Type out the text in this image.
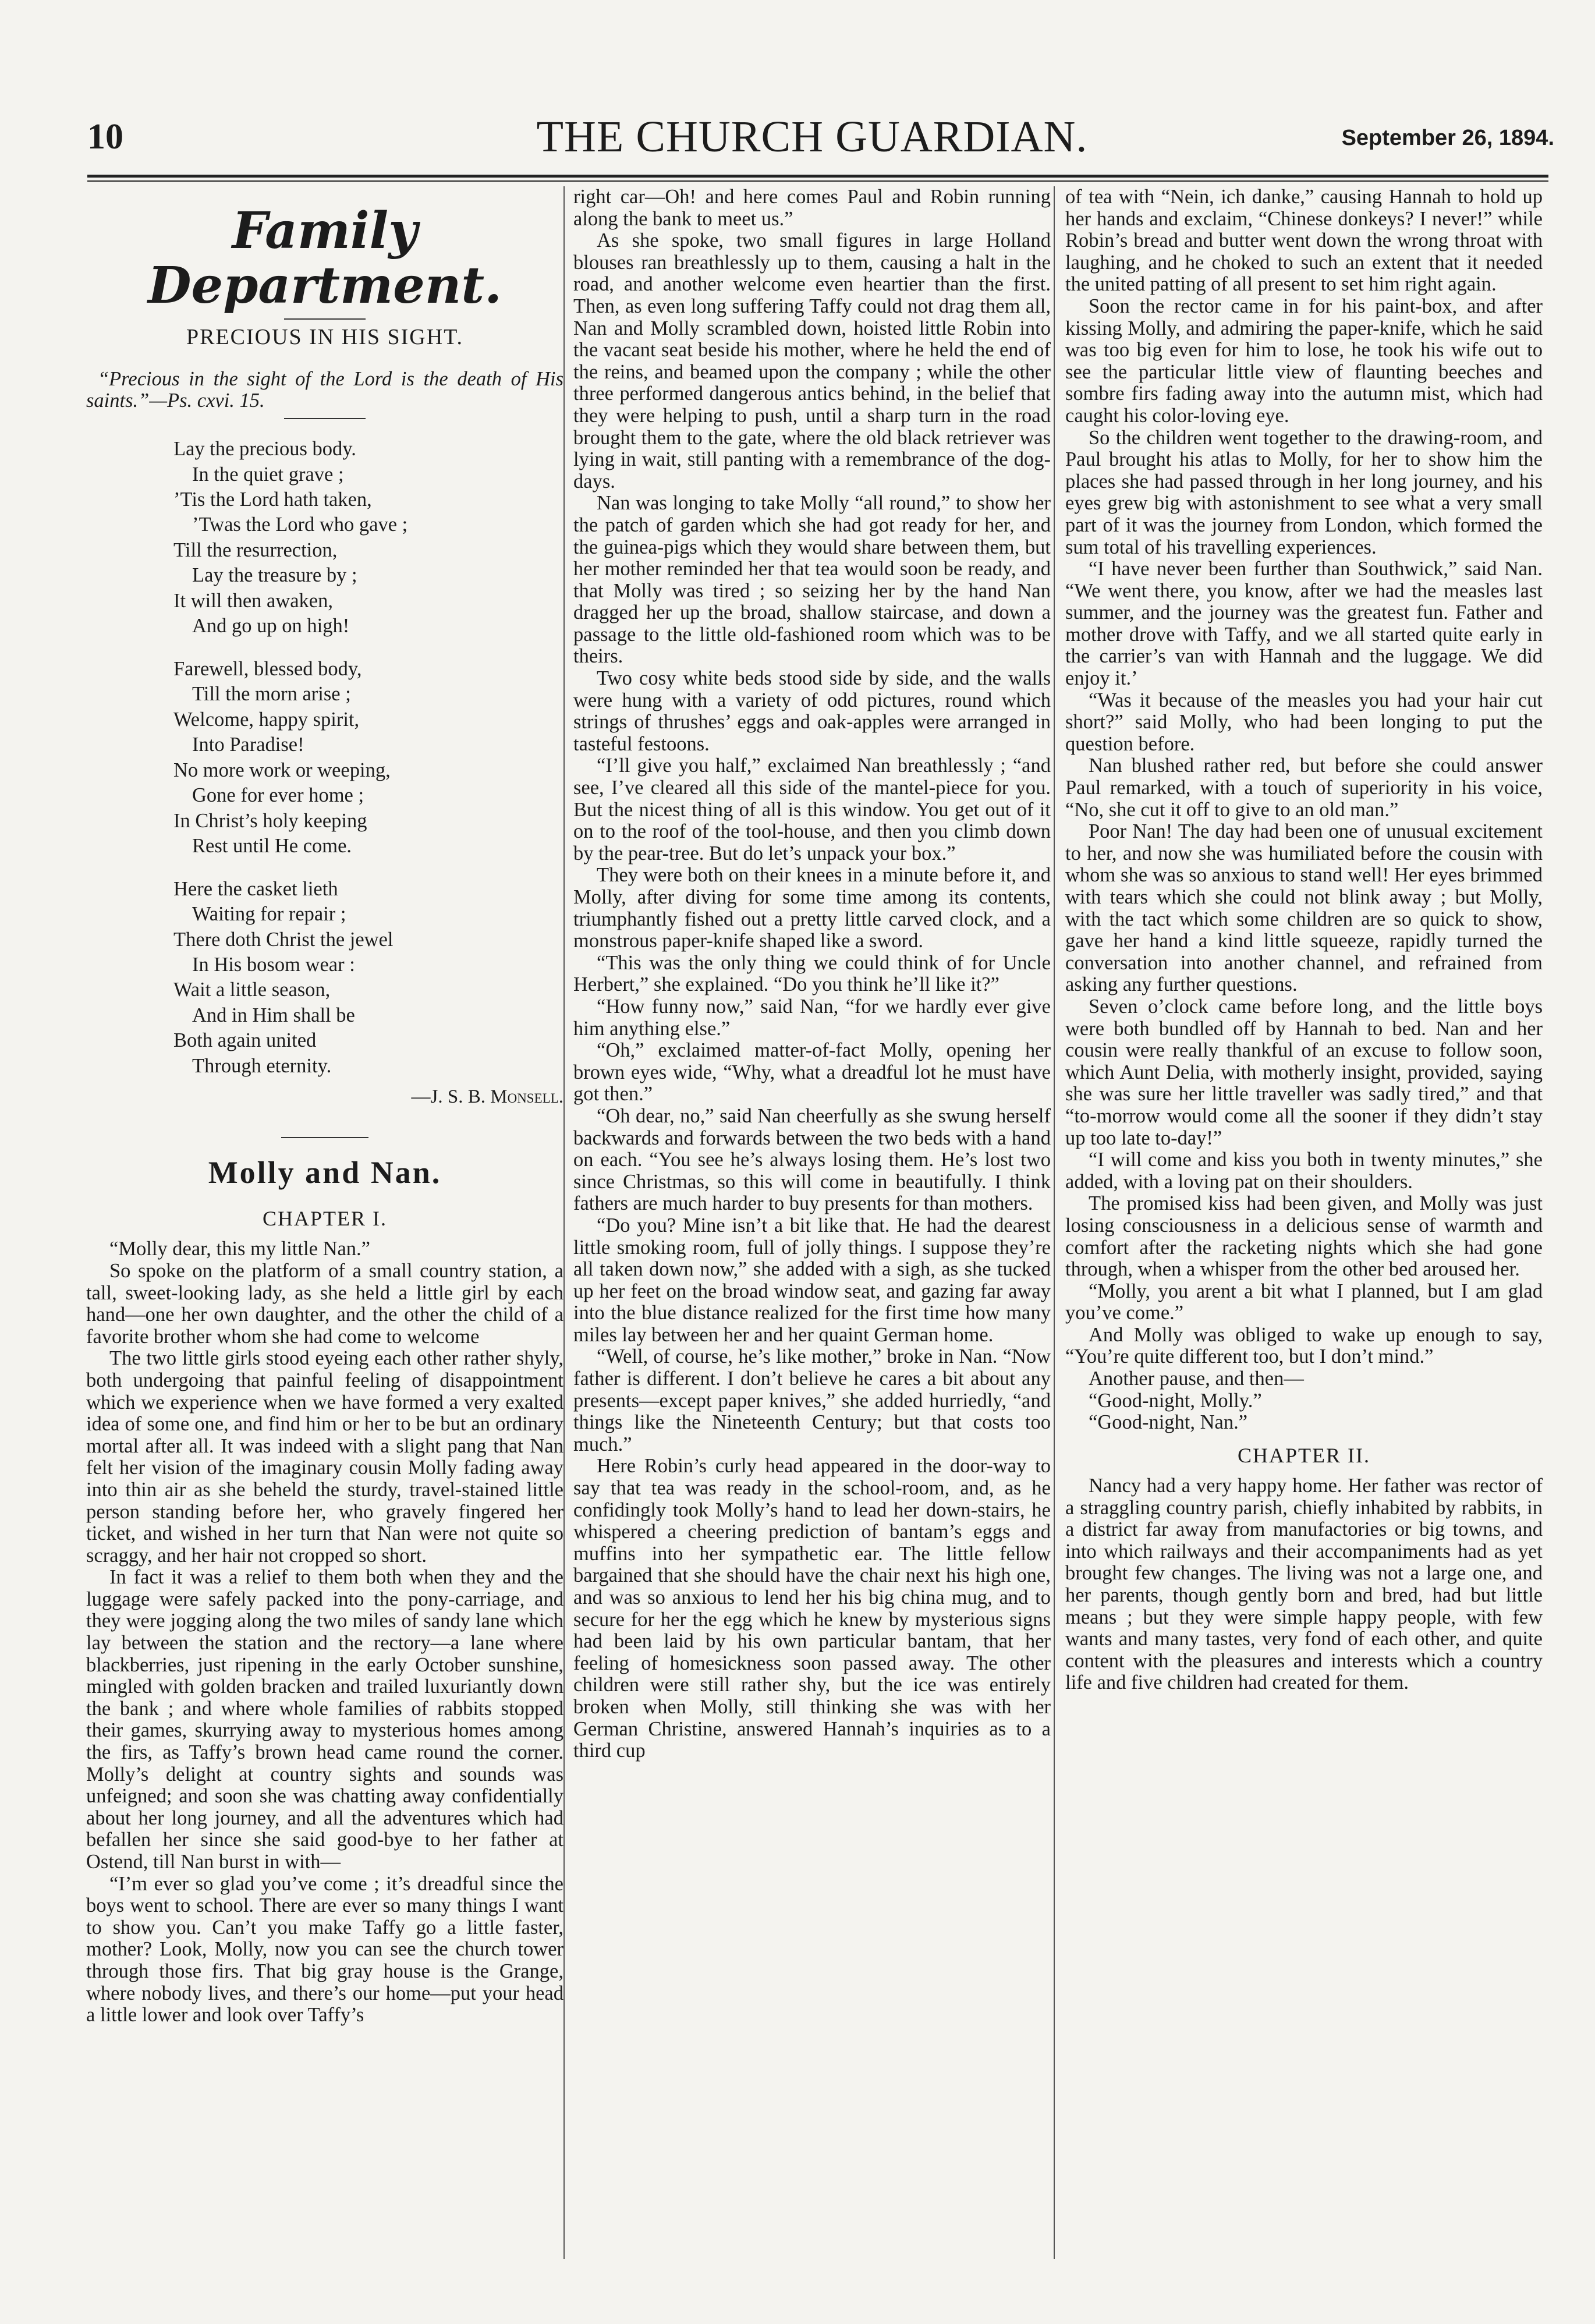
10	THE CHURCH GUARDIAN.	September 26, 1894.
Family Department.
PRECIOUS IN HIS SIGHT.
“Precious in the sight of the Lord is the death of His saints.”—Ps. cxvi. 15.
Lay the precious body.
In the quiet grave ;
’Tis the Lord hath taken,
’Twas the Lord who gave ;
Till the resurrection,
Lay the treasure by ;
It will then awaken,
And go up on high!
Farewell, blessed body,
Till the morn arise ;
Welcome, happy spirit,
Into Paradise!
No more work or weeping,
Gone for ever home ;
In Christ’s holy keeping
Rest until He come.
Here the casket lieth
Waiting for repair ;
There doth Christ the jewel
In His bosom wear :
Wait a little season,
And in Him shall be
Both again united
Through eternity.
—J. S. B. Monsell.
Molly and Nan.
CHAPTER I.

“Molly dear, this my little Nan.”

So spoke on the platform of a small country station, a tall, sweet-looking lady, as she held a little girl by each hand—one her own daughter, and the other the child of a favorite brother whom she had come to welcome

The two little girls stood eyeing each other rather shyly, both undergoing that painful feeling of disappointment which we experience when we have formed a very exalted idea of some one, and find him or her to be but an ordinary mortal after all. It was indeed with a slight pang that Nan felt her vision of the imaginary cousin Molly fading away into thin air as she beheld the sturdy, travel-stained little person standing before her, who gravely fingered her ticket, and wished in her turn that Nan were not quite so scraggy, and her hair not cropped so short.

In fact it was a relief to them both when they and the luggage were safely packed into the pony-carriage, and they were jogging along the two miles of sandy lane which lay between the station and the rectory—a lane where blackberries, just ripening in the early October sunshine, mingled with golden bracken and trailed luxuriantly down the bank ; and where whole families of rabbits stopped their games, skurrying away to mysterious homes among the firs, as Taffy’s brown head came round the corner. Molly’s delight at country sights and sounds was unfeigned; and soon she was chatting away confidentially about her long journey, and all the adventures which had befallen her since she said good-bye to her father at Ostend, till Nan burst in with—

“I’m ever so glad you’ve come ; it’s dreadful since the boys went to school. There are ever so many things I want to show you. Can’t you make Taffy go a little faster, mother? Look, Molly, now you can see the church tower through those firs. That big gray house is the Grange, where nobody lives, and there’s our home—put your head a little lower and look over Taffy’s

right car—Oh! and here comes Paul and Robin running along the bank to meet us.”

As she spoke, two small figures in large Holland blouses ran breathlessly up to them, causing a halt in the road, and another welcome even heartier than the first. Then, as even long suffering Taffy could not drag them all, Nan and Molly scrambled down, hoisted little Robin into the vacant seat beside his mother, where he held the end of the reins, and beamed upon the company ; while the other three performed dangerous antics behind, in the belief that they were helping to push, until a sharp turn in the road brought them to the gate, where the old black retriever was lying in wait, still panting with a remembrance of the dog-days.

Nan was longing to take Molly “all round,” to show her the patch of garden which she had got ready for her, and the guinea-pigs which they would share between them, but her mother reminded her that tea would soon be ready, and that Molly was tired ; so seizing her by the hand Nan dragged her up the broad, shallow staircase, and down a passage to the little old-fashioned room which was to be theirs.

Two cosy white beds stood side by side, and the walls were hung with a variety of odd pictures, round which strings of thrushes’ eggs and oak-apples were arranged in tasteful festoons.

“I’ll give you half,” exclaimed Nan breathlessly ; “and see, I’ve cleared all this side of the mantel-piece for you. But the nicest thing of all is this window. You get out of it on to the roof of the tool-house, and then you climb down by the pear-tree. But do let’s unpack your box.”

They were both on their knees in a minute before it, and Molly, after diving for some time among its contents, triumphantly fished out a pretty little carved clock, and a monstrous paper-knife shaped like a sword.

“This was the only thing we could think of for Uncle Herbert,” she explained. “Do you think he’ll like it?”

“How funny now,” said Nan, “for we hardly ever give him anything else.”

“Oh,” exclaimed matter-of-fact Molly, opening her brown eyes wide, “Why, what a dreadful lot he must have got then.”

“Oh dear, no,” said Nan cheerfully as she swung herself backwards and forwards between the two beds with a hand on each. “You see he’s always losing them. He’s lost two since Christmas, so this will come in beautifully. I think fathers are much harder to buy presents for than mothers.

“Do you? Mine isn’t a bit like that. He had the dearest little smoking room, full of jolly things. I suppose they’re all taken down now,” she added with a sigh, as she tucked up her feet on the broad window seat, and gazing far away into the blue distance realized for the first time how many miles lay between her and her quaint German home.

“Well, of course, he’s like mother,” broke in Nan. “Now father is different. I don’t believe he cares a bit about any presents—except paper knives,” she added hurriedly, “and things like the Nineteenth Century; but that costs too much.”

Here Robin’s curly head appeared in the door-way to say that tea was ready in the school-room, and, as he confidingly took Molly’s hand to lead her down-stairs, he whispered a cheering prediction of bantam’s eggs and muffins into her sympathetic ear. The little fellow bargained that she should have the chair next his high one, and was so anxious to lend her his big china mug, and to secure for her the egg which he knew by mysterious signs had been laid by his own particular bantam, that her feeling of homesickness soon passed away. The other children were still rather shy, but the ice was entirely broken when Molly, still thinking she was with her German Christine, answered Hannah’s inquiries as to a third cup

of tea with “Nein, ich danke,” causing Hannah to hold up her hands and exclaim, “Chinese donkeys? I never!” while Robin’s bread and butter went down the wrong throat with laughing, and he choked to such an extent that it needed the united patting of all present to set him right again.

Soon the rector came in for his paint-box, and after kissing Molly, and admiring the paper-knife, which he said was too big even for him to lose, he took his wife out to see the particular little view of flaunting beeches and sombre firs fading away into the autumn mist, which had caught his color-loving eye.

So the children went together to the drawing-room, and Paul brought his atlas to Molly, for her to show him the places she had passed through in her long journey, and his eyes grew big with astonishment to see what a very small part of it was the journey from London, which formed the sum total of his travelling experiences.

“I have never been further than Southwick,” said Nan. “We went there, you know, after we had the measles last summer, and the journey was the greatest fun. Father and mother drove with Taffy, and we all started quite early in the carrier’s van with Hannah and the luggage. We did enjoy it.’

“Was it because of the measles you had your hair cut short?” said Molly, who had been longing to put the question before.

Nan blushed rather red, but before she could answer Paul remarked, with a touch of superiority in his voice, “No, she cut it off to give to an old man.”

Poor Nan! The day had been one of unusual excitement to her, and now she was humiliated before the cousin with whom she was so anxious to stand well! Her eyes brimmed with tears which she could not blink away ; but Molly, with the tact which some children are so quick to show, gave her hand a kind little squeeze, rapidly turned the conversation into another channel, and refrained from asking any further questions.

Seven o’clock came before long, and the little boys were both bundled off by Hannah to bed. Nan and her cousin were really thankful of an excuse to follow soon, which Aunt Delia, with motherly insight, provided, saying she was sure her little traveller was sadly tired,” and that “to-morrow would come all the sooner if they didn’t stay up too late to-day!”

“I will come and kiss you both in twenty minutes,” she added, with a loving pat on their shoulders.

The promised kiss had been given, and Molly was just losing consciousness in a delicious sense of warmth and comfort after the racketing nights which she had gone through, when a whisper from the other bed aroused her.

“Molly, you arent a bit what I planned, but I am glad you’ve come.”

And Molly was obliged to wake up enough to say, “You’re quite different too, but I don’t mind.”

Another pause, and then—

“Good-night, Molly.”

“Good-night, Nan.”

CHAPTER II.

Nancy had a very happy home. Her father was rector of a straggling country parish, chiefly inhabited by rabbits, in a district far away from manufactories or big towns, and into which railways and their accompaniments had as yet brought few changes. The living was not a large one, and her parents, though gently born and bred, had but little means ; but they were simple happy people, with few wants and many tastes, very fond of each other, and quite content with the pleasures and interests which a country life and five children had created for them.
